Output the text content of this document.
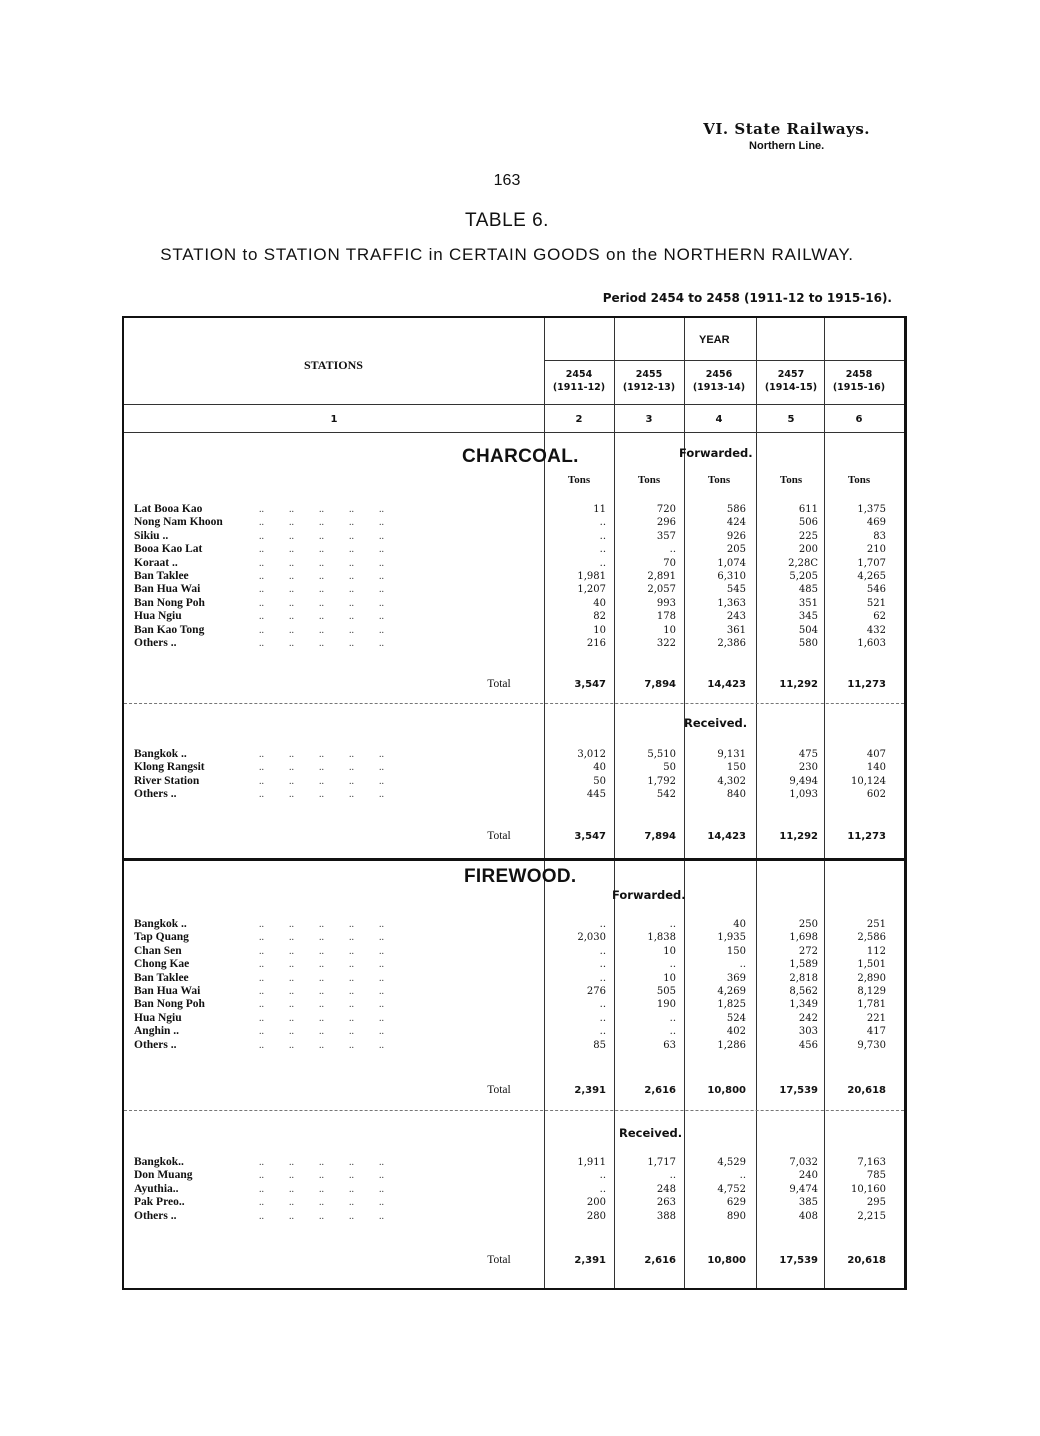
VI. State Railways.
Northern Line.
163
TABLE 6.
STATION to STATION TRAFFIC in CERTAIN GOODS on the NORTHERN RAILWAY.
Period 2454 to 2458 (1911-12 to 1915-16).
YEAR
STATIONS
1
2454
(1911-12)
2
2455
(1912-13)
3
2456
(1913-14)
4
2457
(1914-15)
5
2458
(1915-16)
6
Tons	Tons	Tons	Tons	Tons
CHARCOAL.	Forwarded.
Lat Booa Kao	..          ..          ..          ..          ..	11	720	586	611	1,375
Nong Nam Khoon	..          ..          ..          ..          ..	..	296	424	506	469
Sikiu ..	..          ..          ..          ..          ..	..	357	926	225	83
Booa Kao Lat	..          ..          ..          ..          ..	..	..	205	200	210
Koraat ..	..          ..          ..          ..          ..	..	70	1,074	2,28C	1,707
Ban Taklee	..          ..          ..          ..          ..	1,981	2,891	6,310	5,205	4,265
Ban Hua Wai	..          ..          ..          ..          ..	1,207	2,057	545	485	546
Ban Nong Poh	..          ..          ..          ..          ..	40	993	1,363	351	521
Hua Ngiu	..          ..          ..          ..          ..	82	178	243	345	62
Ban Kao Tong	..          ..          ..          ..          ..	10	10	361	504	432
Others ..	..          ..          ..          ..          ..	216	322	2,386	580	1,603
Total	3,547	7,894	14,423	11,292	11,273
Received.
Bangkok ..	..          ..          ..          ..          ..	3,012	5,510	9,131	475	407
Klong Rangsit	..          ..          ..          ..          ..	40	50	150	230	140
River Station	..          ..          ..          ..          ..	50	1,792	4,302	9,494	10,124
Others ..	..          ..          ..          ..          ..	445	542	840	1,093	602
Total	3,547	7,894	14,423	11,292	11,273
FIREWOOD.
Forwarded.
Bangkok ..	..          ..          ..          ..          ..	..	..	40	250	251
Tap Quang	..          ..          ..          ..          ..	2,030	1,838	1,935	1,698	2,586
Chan Sen	..          ..          ..          ..          ..	..	10	150	272	112
Chong Kae	..          ..          ..          ..          ..	..	..	..	1,589	1,501
Ban Taklee	..          ..          ..          ..          ..	..	10	369	2,818	2,890
Ban Hua Wai	..          ..          ..          ..          ..	276	505	4,269	8,562	8,129
Ban Nong Poh	..          ..          ..          ..          ..	..	190	1,825	1,349	1,781
Hua Ngiu	..          ..          ..          ..          ..	..	..	524	242	221
Anghin ..	..          ..          ..          ..          ..	..	..	402	303	417
Others ..	..          ..          ..          ..          ..	85	63	1,286	456	9,730
Total	2,391	2,616	10,800	17,539	20,618
Received.
Bangkok..	..          ..          ..          ..          ..	1,911	1,717	4,529	7,032	7,163
Don Muang	..          ..          ..          ..          ..	..	..	..	240	785
Ayuthia..	..          ..          ..          ..          ..	..	248	4,752	9,474	10,160
Pak Preo..	..          ..          ..          ..          ..	200	263	629	385	295
Others ..	..          ..          ..          ..          ..	280	388	890	408	2,215
Total	2,391	2,616	10,800	17,539	20,618
